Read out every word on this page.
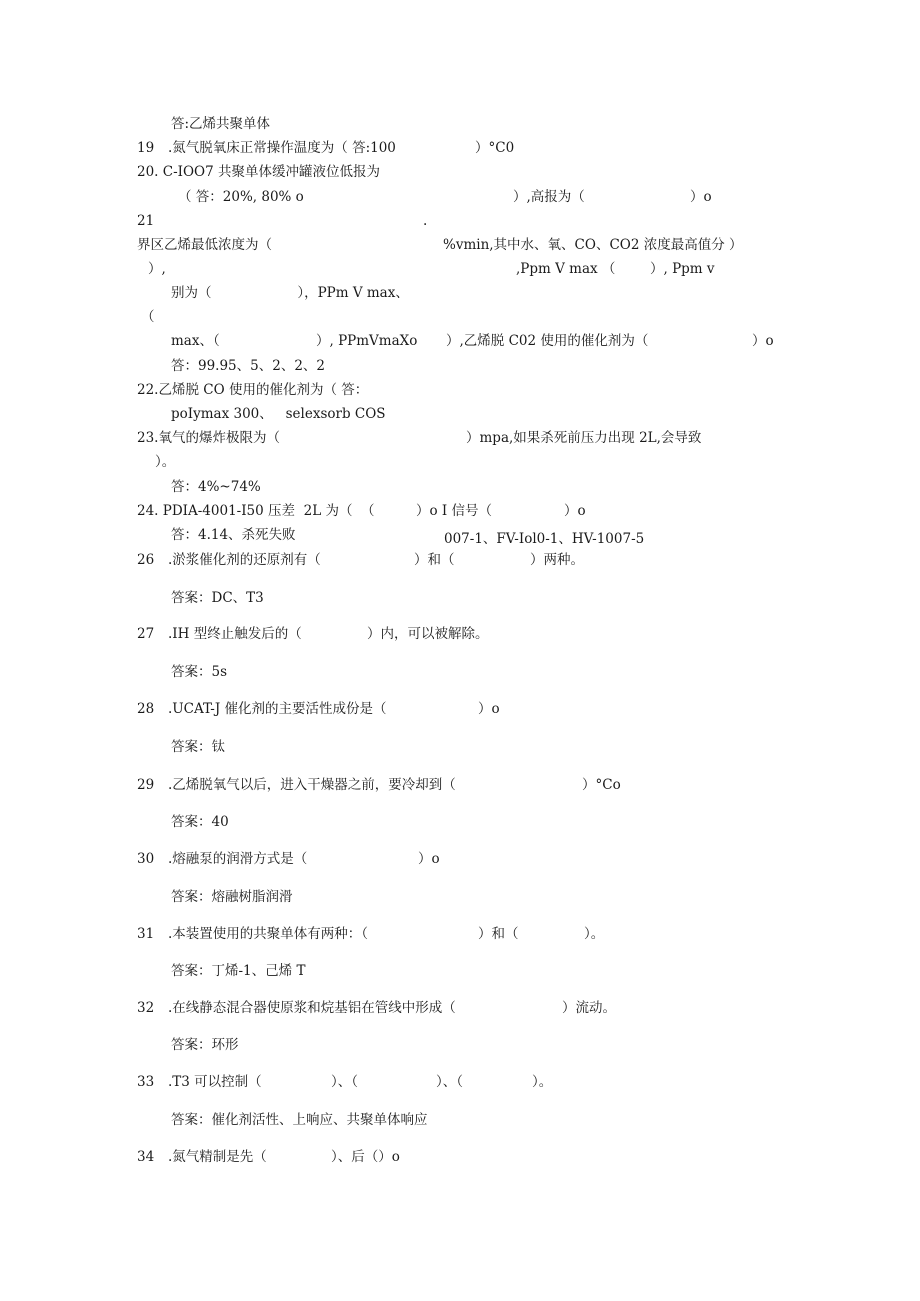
答:乙烯共聚单体
19 .氮气脱氧床正常操作温度为（ 答:100	）°C0
20. C-IOO7 共聚单体缓冲罐液位低报为
（ 答：20%, 80% o	）,高报为（	）o
21	.
界区乙烯最低浓度为（	%vmin,其中水、氧、CO、CO2 浓度最高值分 ）
）,	,Ppm V max （	）, Ppm v
别为（                    ），PPm V max、
（
max、（	）, PPmVmaXo ）,乙烯脱 C02 使用的催化剂为（	）o
答：99.95、5、2、2、2
22.乙烯脱 CO 使用的催化剂为（ 答：
poIymax 300、   selexsorb COS
23.氧气的爆炸极限为（	）mpa,如果杀死前压力出现 2L,会导致
）。
答：4%~74%
24. PDIA-4001-I50 压差  2L 为（  （	）o I 信号（	）o
答：4.14、杀死失败	007-1、FV-Iol0-1、HV-1007-5
26 .淤浆催化剂的还原剂有（	）和（	）两种。
答案：DC、T3
27 .IH 型终止触发后的（	）内，可以被解除。
答案：5s
28 .UCAT-J 催化剂的主要活性成份是（	）o
答案：钛
29 .乙烯脱氧气以后，进入干燥器之前，要冷却到（	）°Co
答案：40
30 .熔融泵的润滑方式是（	）o
答案：熔融树脂润滑
31 .本装置使用的共聚单体有两种：（	）和（	）。
答案：丁烯-1、己烯 T
32 .在线静态混合器使原浆和烷基铝在管线中形成（	）流动。
答案：环形
33 .T3 可以控制（	）、（	）、（	）。
答案：催化剂活性、上响应、共聚单体响应
34 .氮气精制是先（	）、后（）o
